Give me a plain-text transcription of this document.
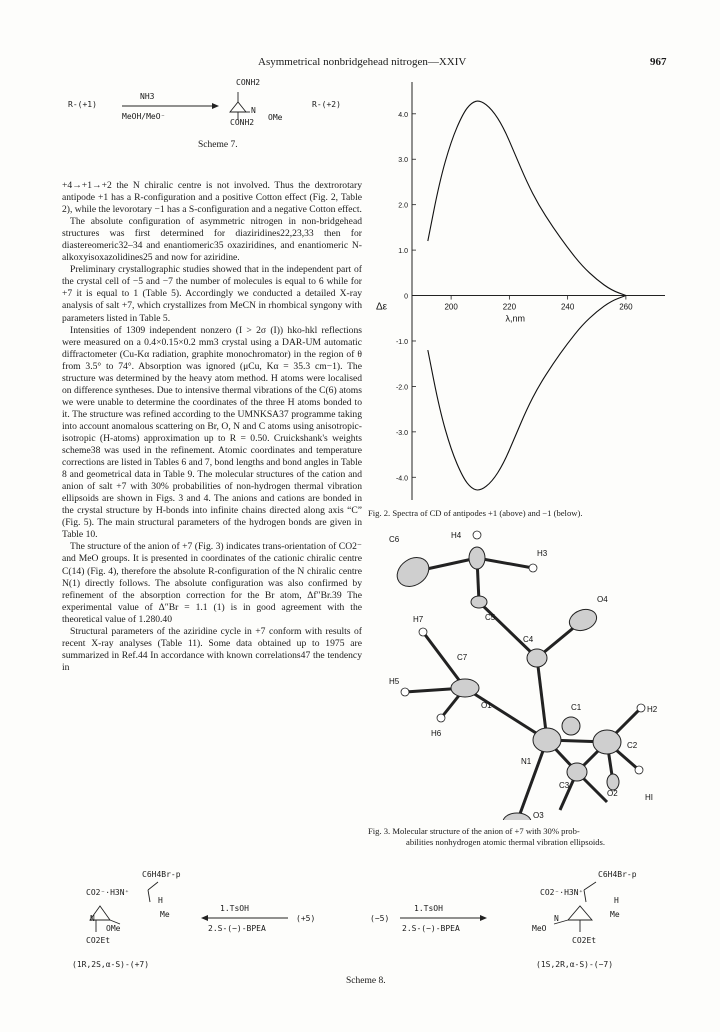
Asymmetrical nonbridgehead nitrogen—XXIV	967
R-(+1)
NH3
MeOH/MeO⁻
CONH2
N
OMe
CONH2
R-(+2)
Scheme 7.

+4→+1→+2 the N chiralic centre is not involved. Thus the dextrorotary antipode +1 has a R-configuration and a positive Cotton effect (Fig. 2, Table 2), while the levorotary −1 has a S-configuration and a negative Cotton effect.

The absolute configuration of asymmetric nitrogen in non-bridgehead structures was first determined for diaziridines22,23,33 then for diastereomeric32–34 and enantiomeric35 oxaziridines, and enantiomeric N-alkoxyisoxazolidines25 and now for aziridine.

Preliminary crystallographic studies showed that in the independent part of the crystal cell of −5 and −7 the number of molecules is equal to 6 while for +7 it is equal to 1 (Table 5). Accordingly we conducted a detailed X-ray analysis of salt +7, which crystallizes from MeCN in rhombical syngony with parameters listed in Table 5.

Intensities of 1309 independent nonzero (I > 2σ (I)) hko-hkl reflections were measured on a 0.4×0.15×0.2 mm3 crystal using a DAR-UM automatic diffractometer (Cu-Kα radiation, graphite monochromator) in the region of θ from 3.5° to 74°. Absorption was ignored (μCu, Kα = 35.3 cm−1). The structure was determined by the heavy atom method. H atoms were localised on difference syntheses. Due to intensive thermal vibrations of the C(6) atoms we were unable to determine the coordinates of the three H atoms bonded to it. The structure was refined according to the UMNKSA37 programme taking into account anomalous scattering on Br, O, N and C atoms using anisotropic-isotropic (H-atoms) approximation up to R = 0.50. Cruickshank's weights scheme38 was used in the refinement. Atomic coordinates and temperature corrections are listed in Tables 6 and 7, bond lengths and bond angles in Table 8 and geometrical data in Table 9. The molecular structures of the cation and anion of salt +7 with 30% probabilities of non-hydrogen thermal vibration ellipsoids are shown in Figs. 3 and 4. The anions and cations are bonded in the crystal structure by H-bonds into infinite chains directed along axis “C” (Fig. 5). The main structural parameters of the hydrogen bonds are given in Table 10.

The structure of the anion of +7 (Fig. 3) indicates trans-orientation of CO2⁻ and MeO groups. It is presented in coordinates of the cationic chiralic centre C(14) (Fig. 4), therefore the absolute R-configuration of the N chiralic centre N(1) directly follows. The absolute configuration was also confirmed by refinement of the absorption correction for the Br atom, Δf″Br.39 The experimental value of Δ″Br = 1.1 (1) is in good agreement with the theoretical value of 1.280.40

Structural parameters of the aziridine cycle in +7 conform with results of recent X-ray analyses (Table 11). Some data obtained up to 1975 are summarized in Ref.44 In accordance with known correlations47 the tendency in

4.0
3.0
2.0
1.0
0
-1.0
-2.0
-3.0
-4.0
200	220	240	260
Δε
λ,nm
Fig. 2. Spectra of CD of antipodes +1 (above) and −1 (below).
C6	H4
H3
C5
O4
H7
C4
C7
H5
O1	C1	H2
H6
N1
C2
C3
O2	HI
O3
Fig. 3. Molecular structure of the anion of +7 with 30% prob-
abilities nonhydrogen atomic thermal vibration ellipsoids.
C6H4Br-p
CO2⁻·H3N⁺
H
Me
N
OMe
CO2Et
(1R,2S,α-S)-(+7)
1.TsOH
2.S-(−)-BPEA
(+5)	(−5)
1.TsOH
2.S-(−)-BPEA
C6H4Br-p
CO2⁻·H3N⁺
H
Me
N
MeO
CO2Et
(1S,2R,α-S)-(−7)
Scheme 8.
